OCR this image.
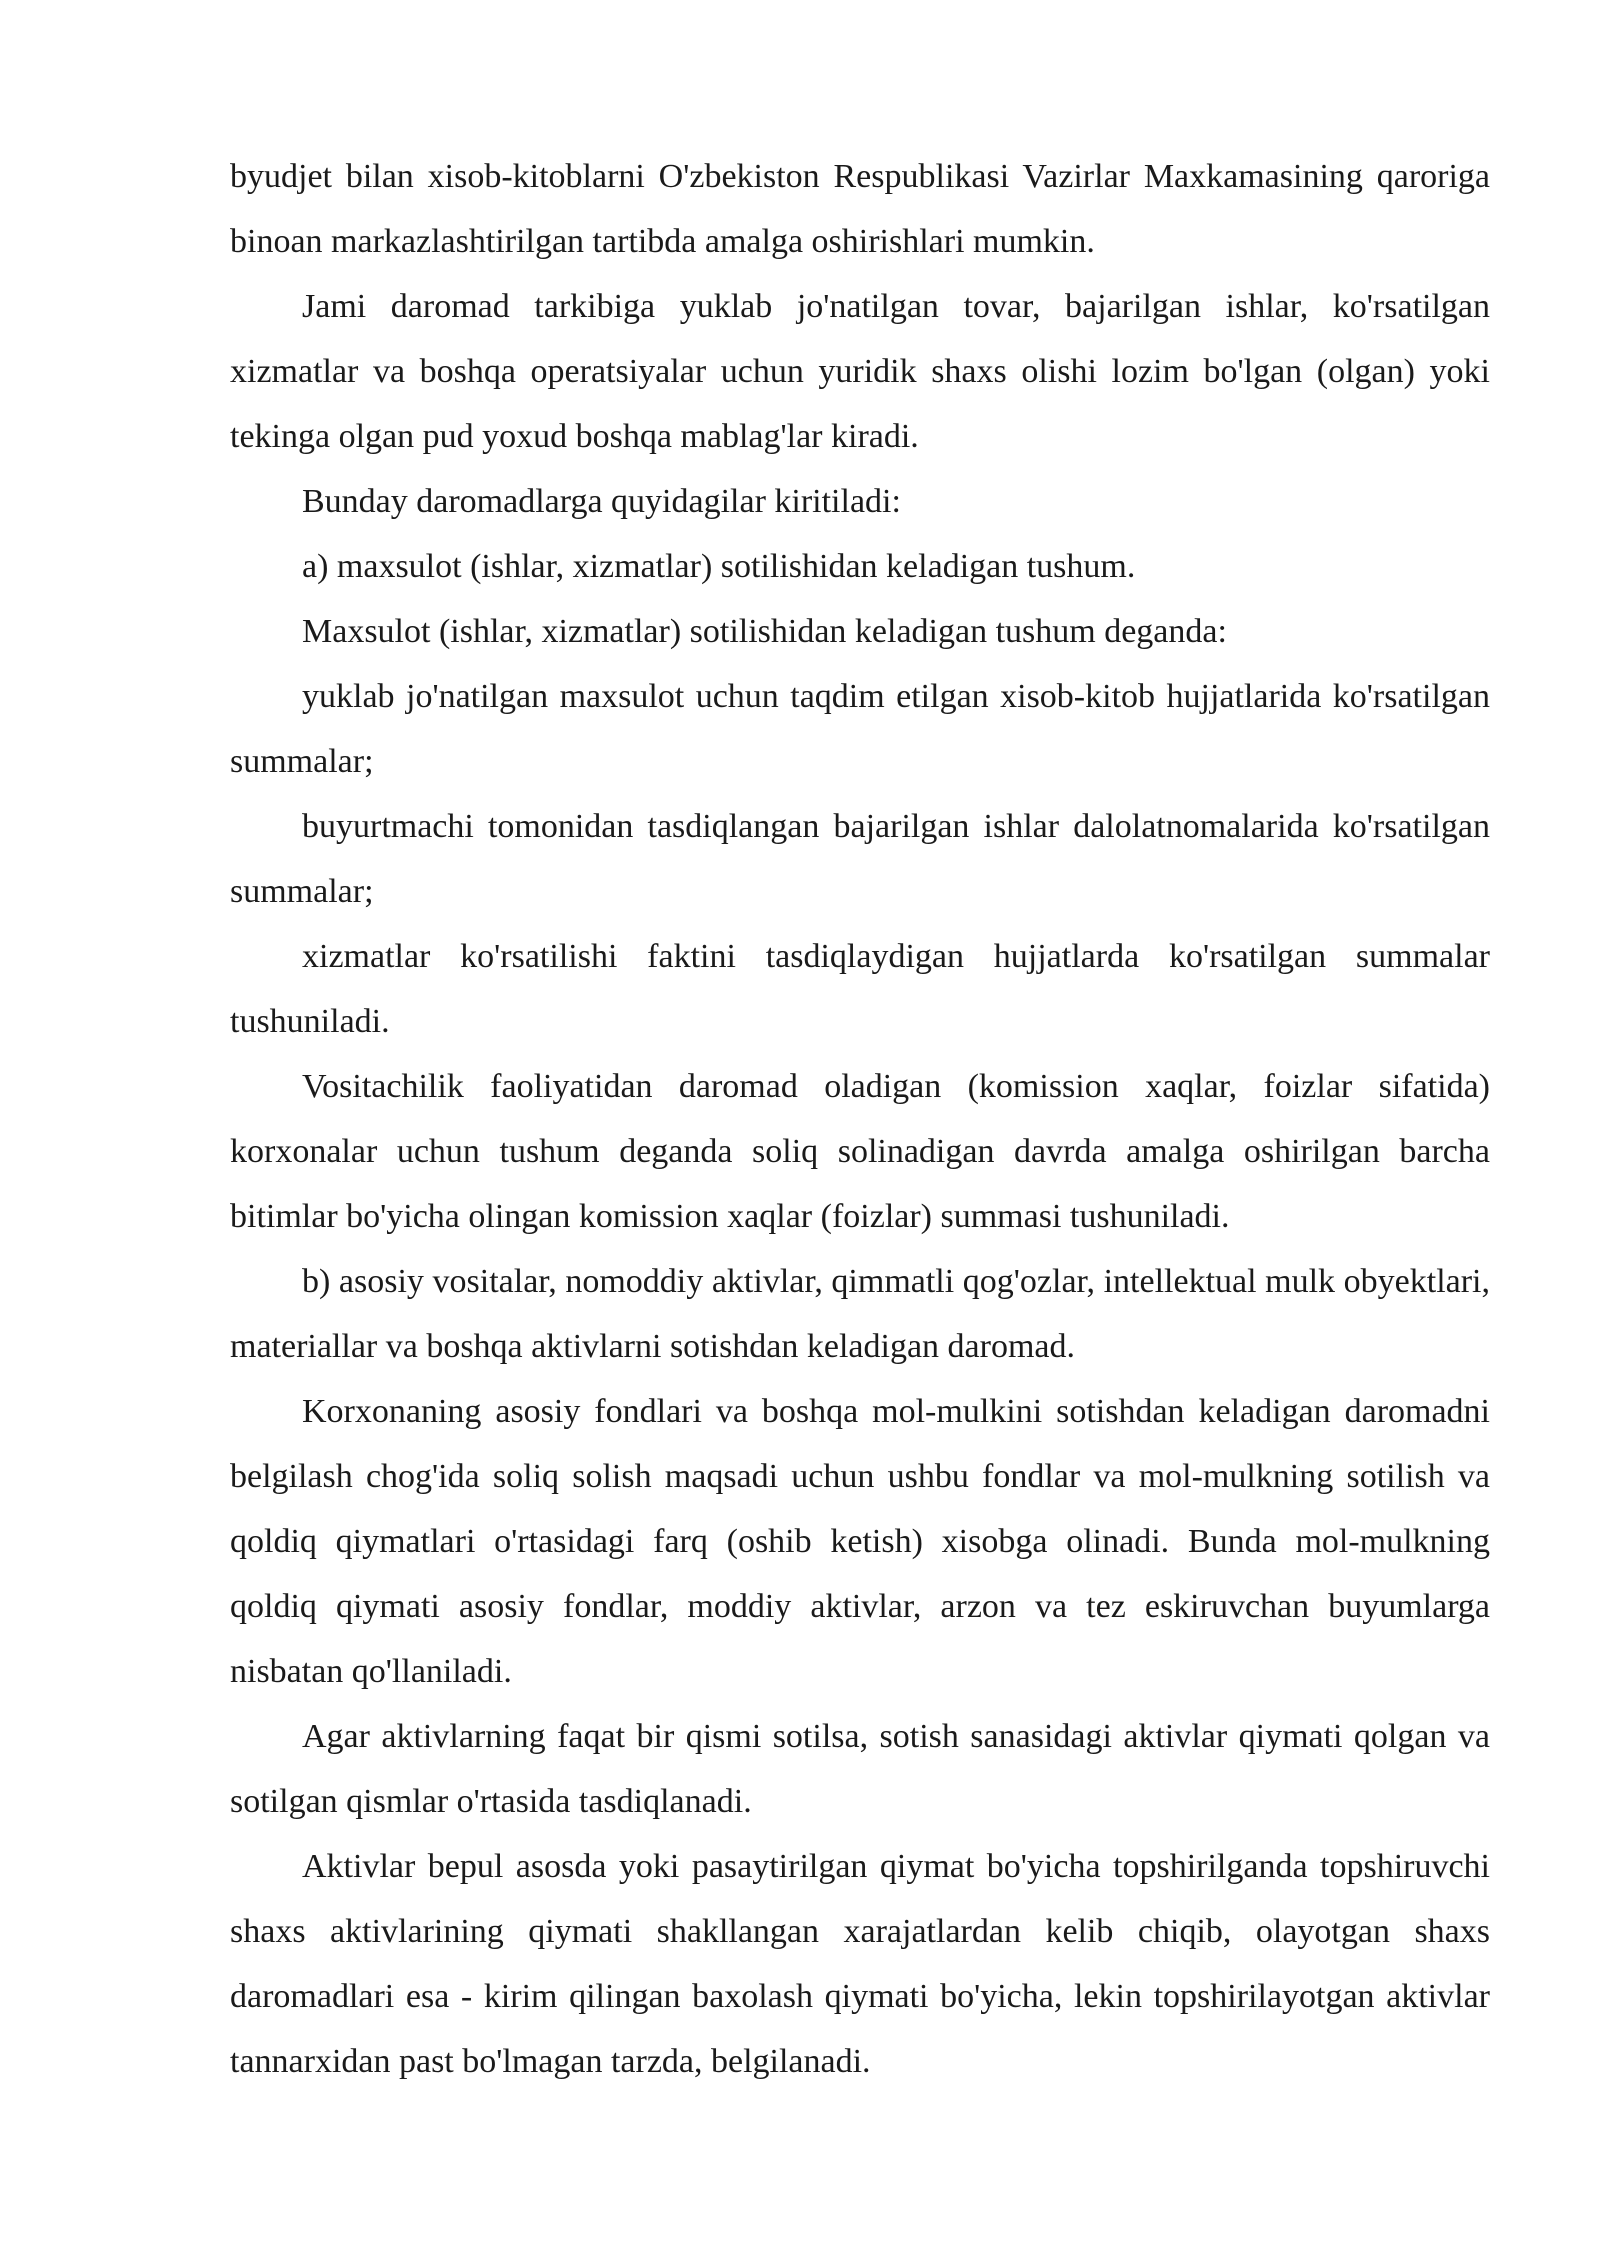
byudjet bilan xisob-kitoblarni O'zbekiston Respublikasi Vazirlar Maxkamasining qaroriga binoan markazlashtirilgan tartibda amalga oshirishlari mumkin.

Jami daromad tarkibiga yuklab jo'natilgan tovar, bajarilgan ishlar, ko'rsatilgan xizmatlar va boshqa operatsiyalar uchun yuridik shaxs olishi lozim bo'lgan (olgan) yoki tekinga olgan pud yoxud boshqa mablag'lar kiradi.

Bunday daromadlarga quyidagilar kiritiladi:

a) maxsulot (ishlar, xizmatlar) sotilishidan keladigan tushum.

Maxsulot (ishlar, xizmatlar) sotilishidan keladigan tushum deganda:

yuklab jo'natilgan maxsulot uchun taqdim etilgan xisob-kitob hujjatlarida ko'rsatilgan summalar;

buyurtmachi tomonidan tasdiqlangan bajarilgan ishlar dalolatnomalarida ko'rsatilgan summalar;

xizmatlar ko'rsatilishi faktini tasdiqlaydigan hujjatlarda ko'rsatilgan summalar tushuniladi.

Vositachilik faoliyatidan daromad oladigan (komission xaqlar, foizlar sifatida) korxonalar uchun tushum deganda soliq solinadigan davrda amalga oshirilgan barcha bitimlar bo'yicha olingan komission xaqlar (foizlar) summasi tushuniladi.

b) asosiy vositalar, nomoddiy aktivlar, qimmatli qog'ozlar, intellektual mulk obyektlari, materiallar va boshqa aktivlarni sotishdan keladigan daromad.

Korxonaning asosiy fondlari va boshqa mol-mulkini sotishdan keladigan daromadni belgilash chog'ida soliq solish maqsadi uchun ushbu fondlar va mol-mulkning sotilish va qoldiq qiymatlari o'rtasidagi farq (oshib ketish) xisobga olinadi. Bunda mol-mulkning qoldiq qiymati asosiy fondlar, moddiy aktivlar, arzon va tez eskiruvchan buyumlarga nisbatan qo'llaniladi.

Agar aktivlarning faqat bir qismi sotilsa, sotish sanasidagi aktivlar qiymati qolgan va sotilgan qismlar o'rtasida tasdiqlanadi.

Aktivlar bepul asosda yoki pasaytirilgan qiymat bo'yicha topshirilganda topshiruvchi shaxs aktivlarining qiymati shakllangan xarajatlardan kelib chiqib, olayotgan shaxs daromadlari esa - kirim qilingan baxolash qiymati bo'yicha, lekin topshirilayotgan aktivlar tannarxidan past bo'lmagan tarzda, belgilanadi.
